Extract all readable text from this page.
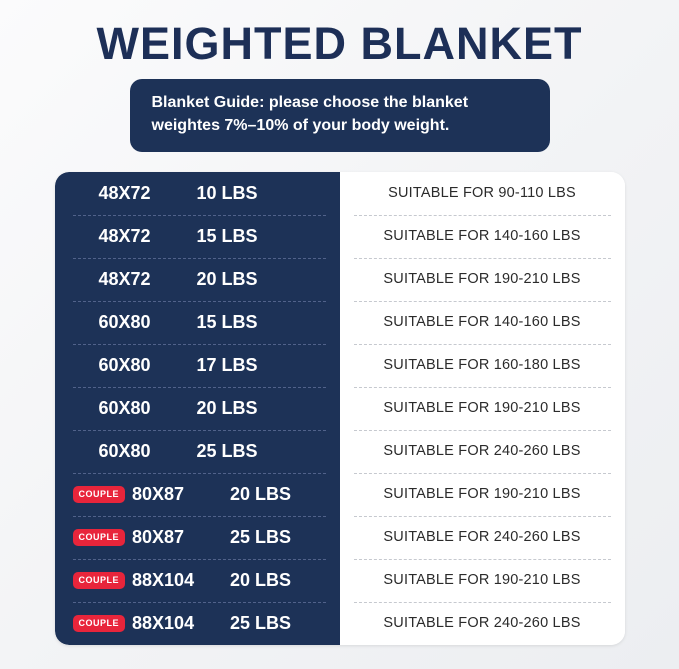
WEIGHTED BLANKET
Blanket Guide: please choose the blanket
weightes 7%–10% of your body weight.
48X72	10 LBS	SUITABLE FOR 90-110 LBS
48X72	15 LBS	SUITABLE FOR 140-160 LBS
48X72	20 LBS	SUITABLE FOR 190-210 LBS
60X80	15 LBS	SUITABLE FOR 140-160 LBS
60X80	17 LBS	SUITABLE FOR 160-180 LBS
60X80	20 LBS	SUITABLE FOR 190-210 LBS
60X80	25 LBS	SUITABLE FOR 240-260 LBS
COUPLE 80X87	20 LBS	SUITABLE FOR 190-210 LBS
COUPLE 80X87	25 LBS	SUITABLE FOR 240-260 LBS
COUPLE 88X104	20 LBS	SUITABLE FOR 190-210 LBS
COUPLE 88X104	25 LBS	SUITABLE FOR 240-260 LBS
